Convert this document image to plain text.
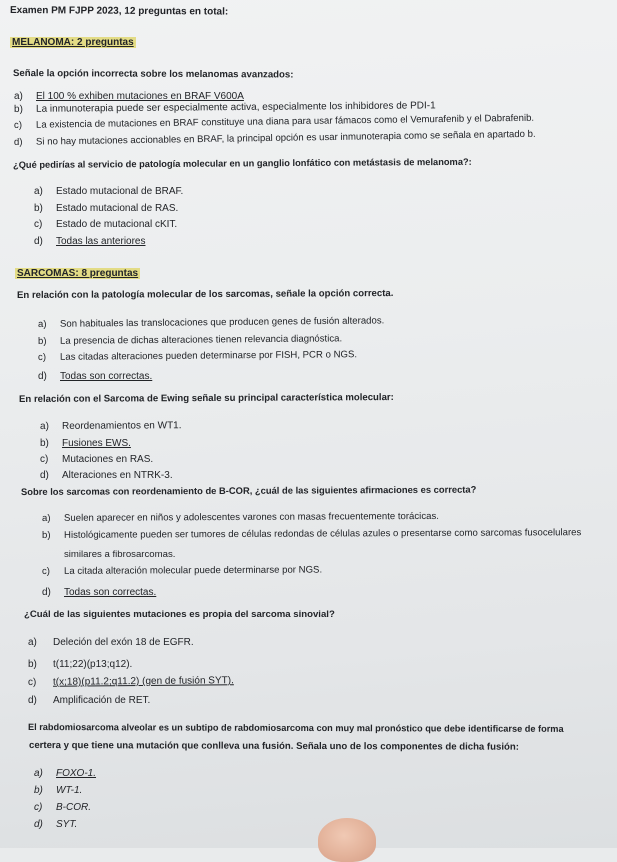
Examen PM FJPP 2023, 12 preguntas en total:
MELANOMA: 2 preguntas
Señale la opción incorrecta sobre los melanomas avanzados:
a) El 100 % exhiben mutaciones en BRAF V600A
b) La inmunoterapia puede ser especialmente activa, especialmente los inhibidores de PDI-1
c) La existencia de mutaciones en BRAF constituye una diana para usar fámacos como el Vemurafenib y el Dabrafenib.
d) Si no hay mutaciones accionables en BRAF, la principal opción es usar inmunoterapia como se señala en apartado b.
¿Qué pedirías al servicio de patología molecular en un ganglio lonfático con metástasis de melanoma?:
a) Estado mutacional de BRAF.
b) Estado mutacional de RAS.
c) Estado de mutacional cKIT.
d) Todas las anteriores
SARCOMAS: 8 preguntas
En relación con la patología molecular de los sarcomas, señale la opción correcta.
a) Son habituales las translocaciones que producen genes de fusión alterados.
b) La presencia de dichas alteraciones tienen relevancia diagnóstica.
c) Las citadas alteraciones pueden determinarse por FISH, PCR o NGS.
d) Todas son correctas.
En relación con el Sarcoma de Ewing señale su principal característica molecular:
a) Reordenamientos en WT1.
b) Fusiones EWS.
c) Mutaciones en RAS.
d) Alteraciones en NTRK-3.
Sobre los sarcomas con reordenamiento de B-COR, ¿cuál de las siguientes afirmaciones es correcta?
a) Suelen aparecer en niños y adolescentes varones con masas frecuentemente torácicas.
b) Histológicamente pueden ser tumores de células redondas de células azules o presentarse como sarcomas fusocelulares
similares a fibrosarcomas.
c) La citada alteración molecular puede determinarse por NGS.
d) Todas son correctas.
¿Cuál de las siguientes mutaciones es propia del sarcoma sinovial?
a) Deleción del exón 18 de EGFR.
b) t(11;22)(p13;q12).
c) t(x;18)(p11.2;q11.2) (gen de fusión SYT).
d) Amplificación de RET.
El rabdomiosarcoma alveolar es un subtipo de rabdomiosarcoma con muy mal pronóstico que debe identificarse de forma
certera y que tiene una mutación que conlleva una fusión. Señala uno de los componentes de dicha fusión:
a) FOXO-1.
b) WT-1.
c) B-COR.
d) SYT.
